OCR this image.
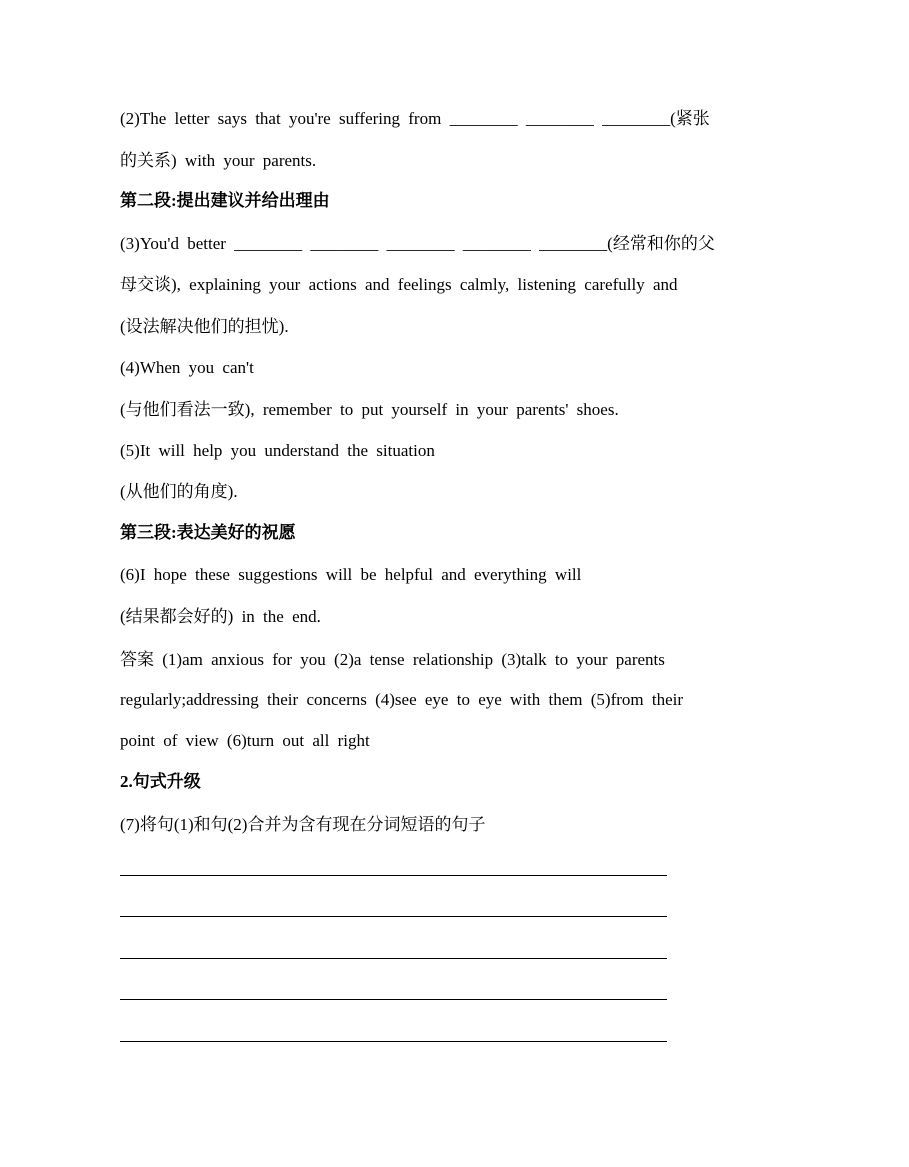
(2)The letter says that you're suffering from ________ ________ ________(紧张
的关系) with your parents.
第二段:提出建议并给出理由
(3)You'd better ________ ________ ________ ________ ________(经常和你的父
母交谈), explaining your actions and feelings calmly, listening carefully and
(设法解决他们的担忧).
(4)When you can't
(与他们看法一致), remember to put yourself in your parents' shoes.
(5)It will help you understand the situation
(从他们的角度).
第三段:表达美好的祝愿
(6)I hope these suggestions will be helpful and everything will
(结果都会好的) in the end.
答案 (1)am anxious for you (2)a tense relationship (3)talk to your parents
regularly;addressing their concerns (4)see eye to eye with them (5)from their
point of view (6)turn out all right
2.句式升级
(7)将句(1)和句(2)合并为含有现在分词短语的句子
